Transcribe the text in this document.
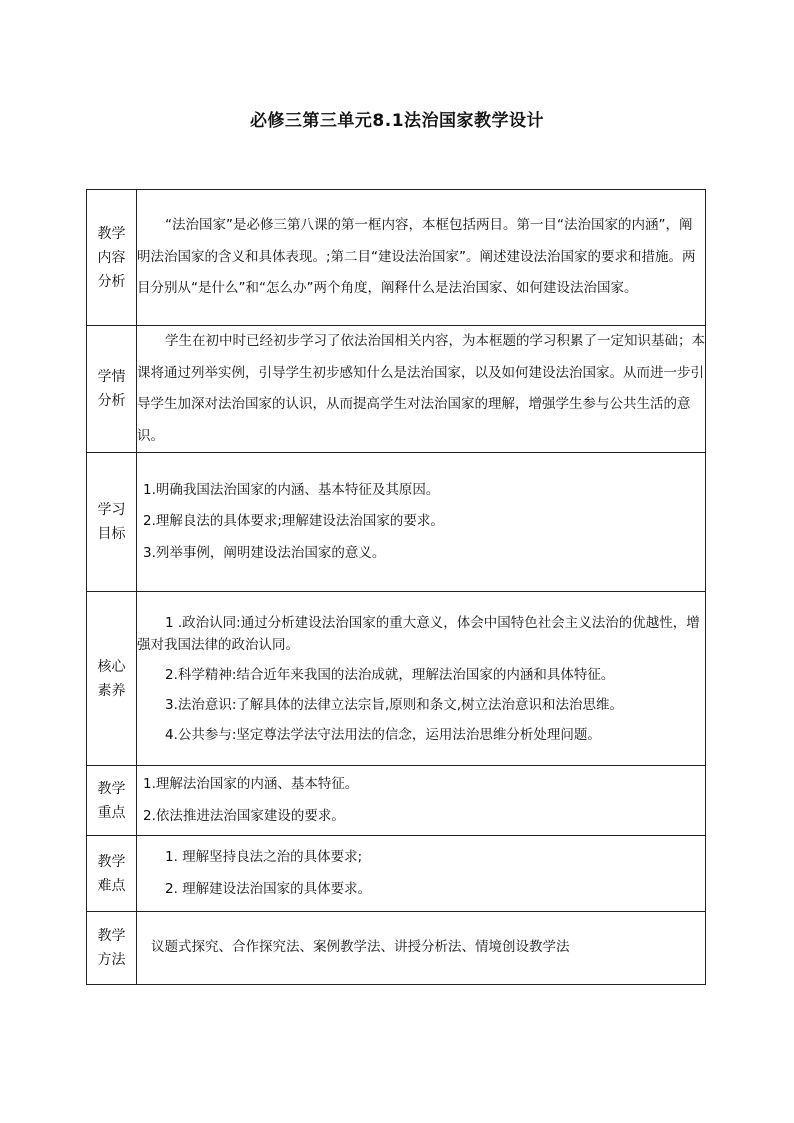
必修三第三单元8.1法治国家教学设计
教学内容分析	“法治国家”是必修三第八课的第一框内容，本框包括两目。第一目“法治国家的内涵”，阐明法治国家的含义和具体表现。;第二目“建设法治国家”。阐述建设法治国家的要求和措施。两目分别从“是什么”和“怎么办”两个角度，阐释什么是法治国家、如何建设法治国家。

学情分析	学生在初中时已经初步学习了依法治国相关内容，为本框题的学习积累了一定知识基础；本课将通过列举实例，引导学生初步感知什么是法治国家，以及如何建设法治国家。从而进一步引导学生加深对法治国家的认识，从而提高学生对法治国家的理解，增强学生参与公共生活的意识。

学习目标	1.明确我国法治国家的内涵、基本特征及其原因。

2.理解良法的具体要求;理解建设法治国家的要求。

3.列举事例，阐明建设法治国家的意义。

核心素养	1 .政治认同:通过分析建设法治国家的重大意义，体会中国特色社会主义法治的优越性，增强对我国法律的政治认同。

2.科学精神:结合近年来我国的法治成就，理解法治国家的内涵和具体特征。

3.法治意识:了解具体的法律立法宗旨,原则和条文,树立法治意识和法治思维。

4.公共参与:坚定尊法学法守法用法的信念，运用法治思维分析处理问题。

教学重点	1.理解法治国家的内涵、基本特征。

2.依法推进法治国家建设的要求。

教学难点	1. 理解坚持良法之治的具体要求;

2. 理解建设法治国家的具体要求。

教学方法	议题式探究、合作探究法、案例教学法、讲授分析法、情境创设教学法
